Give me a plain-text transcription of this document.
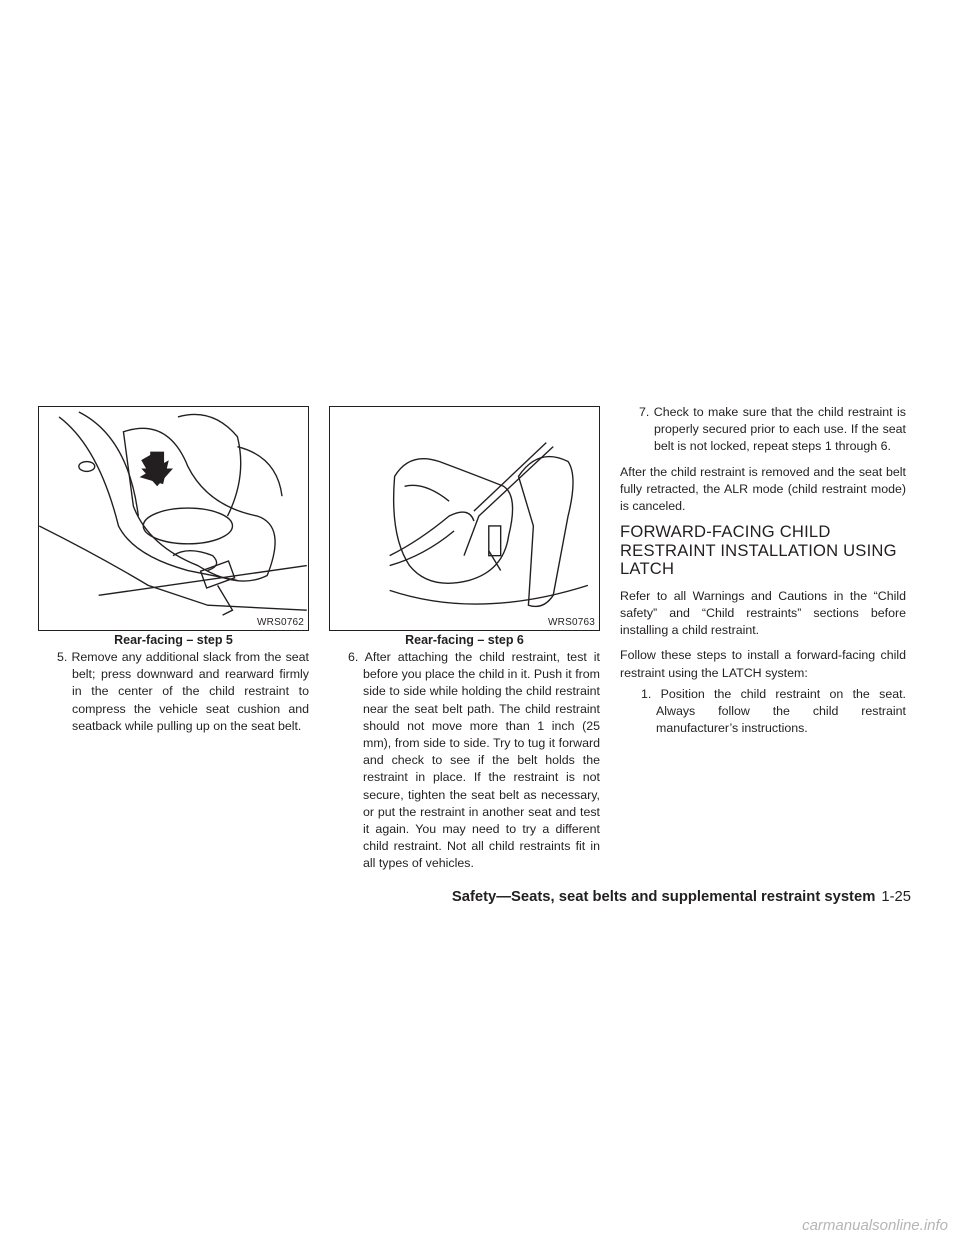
WRS0762
Rear-facing – step 5
WRS0763
Rear-facing – step 6

5. Remove any additional slack from the seat belt; press downward and rearward firmly in the center of the child restraint to compress the vehicle seat cushion and seatback while pulling up on the seat belt.

6. After attaching the child restraint, test it before you place the child in it. Push it from side to side while holding the child restraint near the seat belt path. The child restraint should not move more than 1 inch (25 mm), from side to side. Try to tug it forward and check to see if the belt holds the restraint in place. If the restraint is not secure, tighten the seat belt as necessary, or put the restraint in another seat and test it again. You may need to try a different child restraint. Not all child restraints fit in all types of vehicles.

7. Check to make sure that the child restraint is properly secured prior to each use. If the seat belt is not locked, repeat steps 1 through 6.

After the child restraint is removed and the seat belt fully retracted, the ALR mode (child restraint mode) is canceled.

FORWARD-FACING CHILD RESTRAINT INSTALLATION USING LATCH

Refer to all Warnings and Cautions in the “Child safety” and “Child restraints” sections before installing a child restraint.

Follow these steps to install a forward-facing child restraint using the LATCH system:

1. Position the child restraint on the seat. Always follow the child restraint manufacturer’s instructions.

Safety—Seats, seat belts and supplemental restraint system 1-25
carmanualsonline.info
